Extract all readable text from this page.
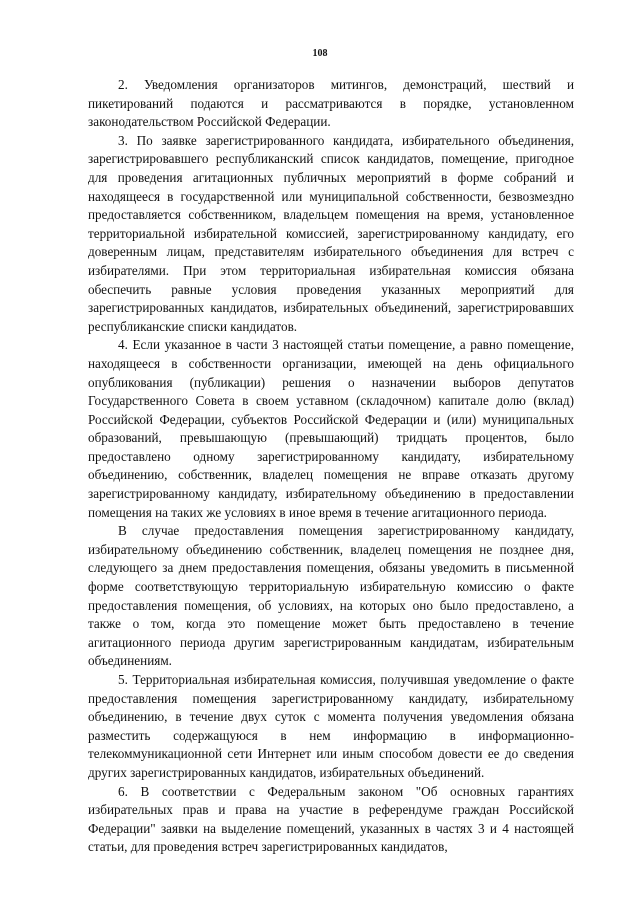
108

2. Уведомления организаторов митингов, демонстраций, шествий и пикетирований подаются и рассматриваются в порядке, установленном законодательством Российской Федерации.

3. По заявке зарегистрированного кандидата, избирательного объединения, зарегистрировавшего республиканский список кандидатов, помещение, пригодное для проведения агитационных публичных мероприятий в форме собраний и находящееся в государственной или муниципальной собственности, безвозмездно предоставляется собственником, владельцем помещения на время, установленное территориальной избирательной комиссией, зарегистрированному кандидату, его доверенным лицам, представителям избирательного объединения для встреч с избирателями. При этом территориальная избирательная комиссия обязана обеспечить равные условия проведения указанных мероприятий для зарегистрированных кандидатов, избирательных объединений, зарегистрировавших республиканские списки кандидатов.

4. Если указанное в части 3 настоящей статьи помещение, а равно помещение, находящееся в собственности организации, имеющей на день официального опубликования (публикации) решения о назначении выборов депутатов Государственного Совета в своем уставном (складочном) капитале долю (вклад) Российской Федерации, субъектов Российской Федерации и (или) муниципальных образований, превышающую (превышающий) тридцать процентов, было предоставлено одному зарегистрированному кандидату, избирательному объединению, собственник, владелец помещения не вправе отказать другому зарегистрированному кандидату, избирательному объединению в предоставлении помещения на таких же условиях в иное время в течение агитационного периода.

В случае предоставления помещения зарегистрированному кандидату, избирательному объединению собственник, владелец помещения не позднее дня, следующего за днем предоставления помещения, обязаны уведомить в письменной форме соответствующую территориальную избирательную комиссию о факте предоставления помещения, об условиях, на которых оно было предоставлено, а также о том, когда это помещение может быть предоставлено в течение агитационного периода другим зарегистрированным кандидатам, избирательным объединениям.

5. Территориальная избирательная комиссия, получившая уведомление о факте предоставления помещения зарегистрированному кандидату, избирательному объединению, в течение двух суток с момента получения уведомления обязана разместить содержащуюся в нем информацию в информационно-телекоммуникационной сети Интернет или иным способом довести ее до сведения других зарегистрированных кандидатов, избирательных объединений.

6. В соответствии с Федеральным законом "Об основных гарантиях избирательных прав и права на участие в референдуме граждан Российской Федерации" заявки на выделение помещений, указанных в частях 3 и 4 настоящей статьи, для проведения встреч зарегистрированных кандидатов,
